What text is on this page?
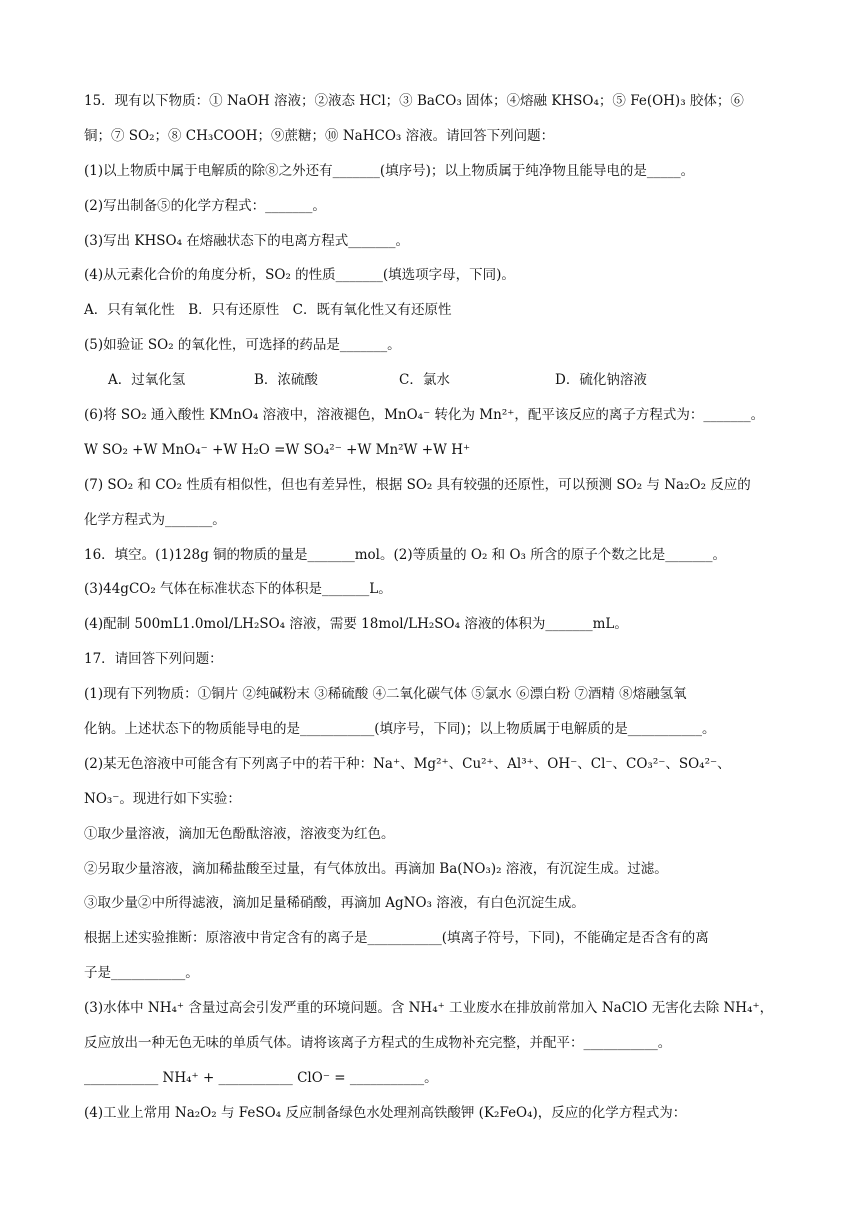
15．现有以下物质：① NaOH 溶液；②液态 HCl；③ BaCO₃ 固体；④熔融 KHSO₄；⑤ Fe(OH)₃ 胶体；⑥
铜；⑦ SO₂；⑧ CH₃COOH；⑨蔗糖；⑩ NaHCO₃ 溶液。请回答下列问题：
(1)以上物质中属于电解质的除⑧之外还有_______(填序号)；以上物质属于纯净物且能导电的是_____。
(2)写出制备⑤的化学方程式：_______。
(3)写出 KHSO₄ 在熔融状态下的电离方程式_______。
(4)从元素化合价的角度分析，SO₂ 的性质_______(填选项字母，下同)。
A．只有氧化性　B．只有还原性　C．既有氧化性又有还原性
(5)如验证 SO₂ 的氧化性，可选择的药品是_______。
A．过氧化氢	B．浓硫酸	C．氯水	D．硫化钠溶液
(6)将 SO₂ 通入酸性 KMnO₄ 溶液中，溶液褪色，MnO₄⁻ 转化为 Mn²⁺，配平该反应的离子方程式为：_______。
W SO₂ +W MnO₄⁻ +W H₂O =W SO₄²⁻ +W Mn²W +W H⁺
(7) SO₂ 和 CO₂ 性质有相似性，但也有差异性，根据 SO₂ 具有较强的还原性，可以预测 SO₂ 与 Na₂O₂ 反应的
化学方程式为_______。
16．填空。(1)128g 铜的物质的量是_______mol。(2)等质量的 O₂ 和 O₃ 所含的原子个数之比是_______。
(3)44gCO₂ 气体在标准状态下的体积是_______L。
(4)配制 500mL1.0mol/LH₂SO₄ 溶液，需要 18mol/LH₂SO₄ 溶液的体积为_______mL。
17．请回答下列问题：
(1)现有下列物质：①铜片 ②纯碱粉末 ③稀硫酸 ④二氧化碳气体 ⑤氯水 ⑥漂白粉 ⑦酒精 ⑧熔融氢氧
化钠。上述状态下的物质能导电的是___________(填序号，下同)；以上物质属于电解质的是___________。
(2)某无色溶液中可能含有下列离子中的若干种：Na⁺、Mg²⁺、Cu²⁺、Al³⁺、OH⁻、Cl⁻、CO₃²⁻、SO₄²⁻、
NO₃⁻。现进行如下实验：
①取少量溶液，滴加无色酚酞溶液，溶液变为红色。
②另取少量溶液，滴加稀盐酸至过量，有气体放出。再滴加 Ba(NO₃)₂ 溶液，有沉淀生成。过滤。
③取少量②中所得滤液，滴加足量稀硝酸，再滴加 AgNO₃ 溶液，有白色沉淀生成。
根据上述实验推断：原溶液中肯定含有的离子是___________(填离子符号，下同)，不能确定是否含有的离
子是___________。
(3)水体中 NH₄⁺ 含量过高会引发严重的环境问题。含 NH₄⁺ 工业废水在排放前常加入 NaClO 无害化去除 NH₄⁺，
反应放出一种无色无味的单质气体。请将该离子方程式的生成物补充完整，并配平：___________。
___________ NH₄⁺ + ___________ ClO⁻ = ___________。
(4)工业上常用 Na₂O₂ 与 FeSO₄ 反应制备绿色水处理剂高铁酸钾 (K₂FeO₄)，反应的化学方程式为：
